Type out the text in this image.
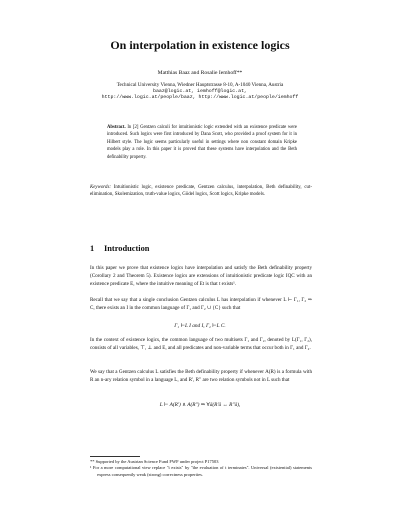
On interpolation in existence logics
Matthias Baaz and Rosalie Iemhoff**
Technical University Vienna, Wiedner Hauptstrasse 8-10, A-1040 Vienna, Austria
baaz@logic.at, iemhoff@logic.at,
http://www.logic.at/people/baaz, http://www.logic.at/people/iemhoff
Abstract. In [2] Gentzen calculi for intuitionistic logic extended with an existence predicate were introduced. Such logics were first introduced by Dana Scott, who provided a proof system for it in Hilbert style. The logic seems particularly useful in settings where non constant domain Kripke models play a role. In this paper it is proved that these systems have interpolation and the Beth definability property.
Keywords: Intuitionistic logic, existence predicate, Gentzen calculus, interpolation, Beth definability, cut-elimination, Skolemization, truth-value logics, Gödel logics, Scott logics, Kripke models.
1 Introduction
In this paper we prove that existence logics have interpolation and satisfy the Beth definability property (Corollary 2 and Theorem 5). Existence logics are extensions of intuitionistic predicate logic IQC with an existence predicate E, where the intuitive meaning of Et is that t exists¹.
Recall that we say that a single conclusion Gentzen calculus L has interpolation if whenever L ⊢ Γ₁, Γ₂ ⇒ C, there exists an I in the common language of Γ₁ and Γ₂ ∪ {C} such that
Γ₁ ⊢L I and I, Γ₂ ⊢L C.
In the context of existence logics, the common language of two multisets Γ₁ and Γ₂, denoted by L(Γ₁, Γ₂), consists of all variables, ⊤, ⊥ and E, and all predicates and non-variable terms that occur both in Γ₁ and Γ₂.
We say that a Gentzen calculus L satisfies the Beth definability property if whenever A(R) is a formula with R an n-ary relation symbol in a language L, and R′, R″ are two relation symbols not in L such that
L ⊢ A(R′) ∧ A(R″) ⇒ ∀ā(R′ā ↔ R″ā),
** Supported by the Austrian Science Fund FWF under project P17503
¹ For a more computational view replace "t exists" by "the evaluation of t terminates". Universal (existential) statements express consequently weak (strong) correctness properties.
